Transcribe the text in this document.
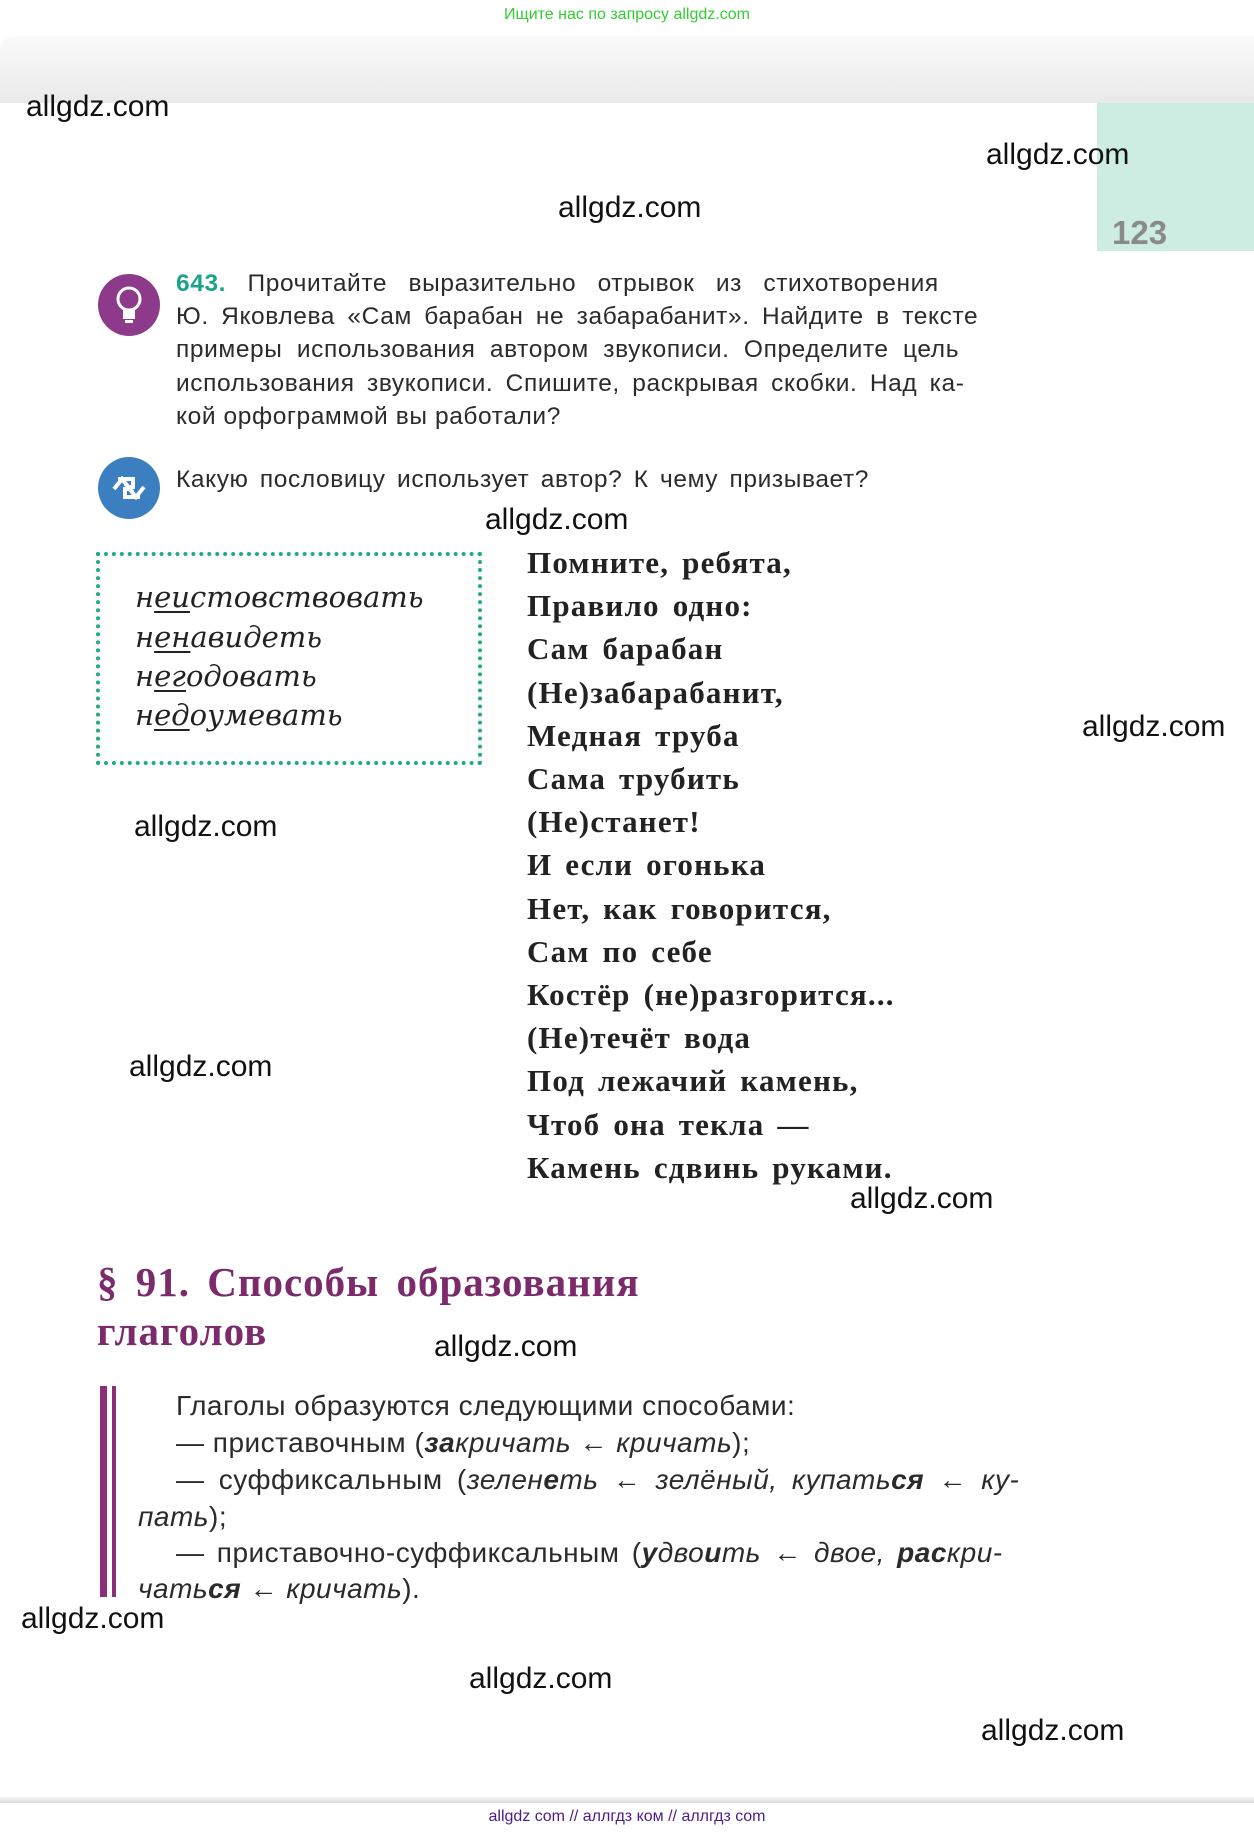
Ищите нас по запросу allgdz.com
123
643. Прочитайте выразительно отрывок из стихотворения
Ю. Яковлева «Сам барабан не забарабанит». Найдите в тексте
примеры использования автором звукописи. Определите цель
использования звукописи. Спишите, раскрывая скобки. Над ка-
кой орфограммой вы работали?
Какую пословицу использует автор? К чему призывает?
неистовствовать
ненавидеть
негодовать
недоумевать
Помните, ребята,
Правило одно:
Сам барабан
(Не)забарабанит,
Медная труба
Сама трубить
(Не)станет!
И если огонька
Нет, как говорится,
Сам по себе
Костёр (не)разгорится...
(Не)течёт вода
Под лежачий камень,
Чтоб она текла —
Камень сдвинь руками.
§ 91. Способы образования
глаголов
Глаголы образуются следующими способами:
— приставочным (закричать ← кричать);
— суффиксальным (зеленеть ← зелёный, купаться ← ку-
пать);
— приставочно-суффиксальным (удвоить ← двое, раскри-
чаться ← кричать).
allgdz.com
allgdz.com
allgdz.com
allgdz.com
allgdz.com
allgdz.com
allgdz.com
allgdz.com
allgdz.com
allgdz.com
allgdz.com
allgdz.com
allgdz com // аллгдз ком // аллгдз com
